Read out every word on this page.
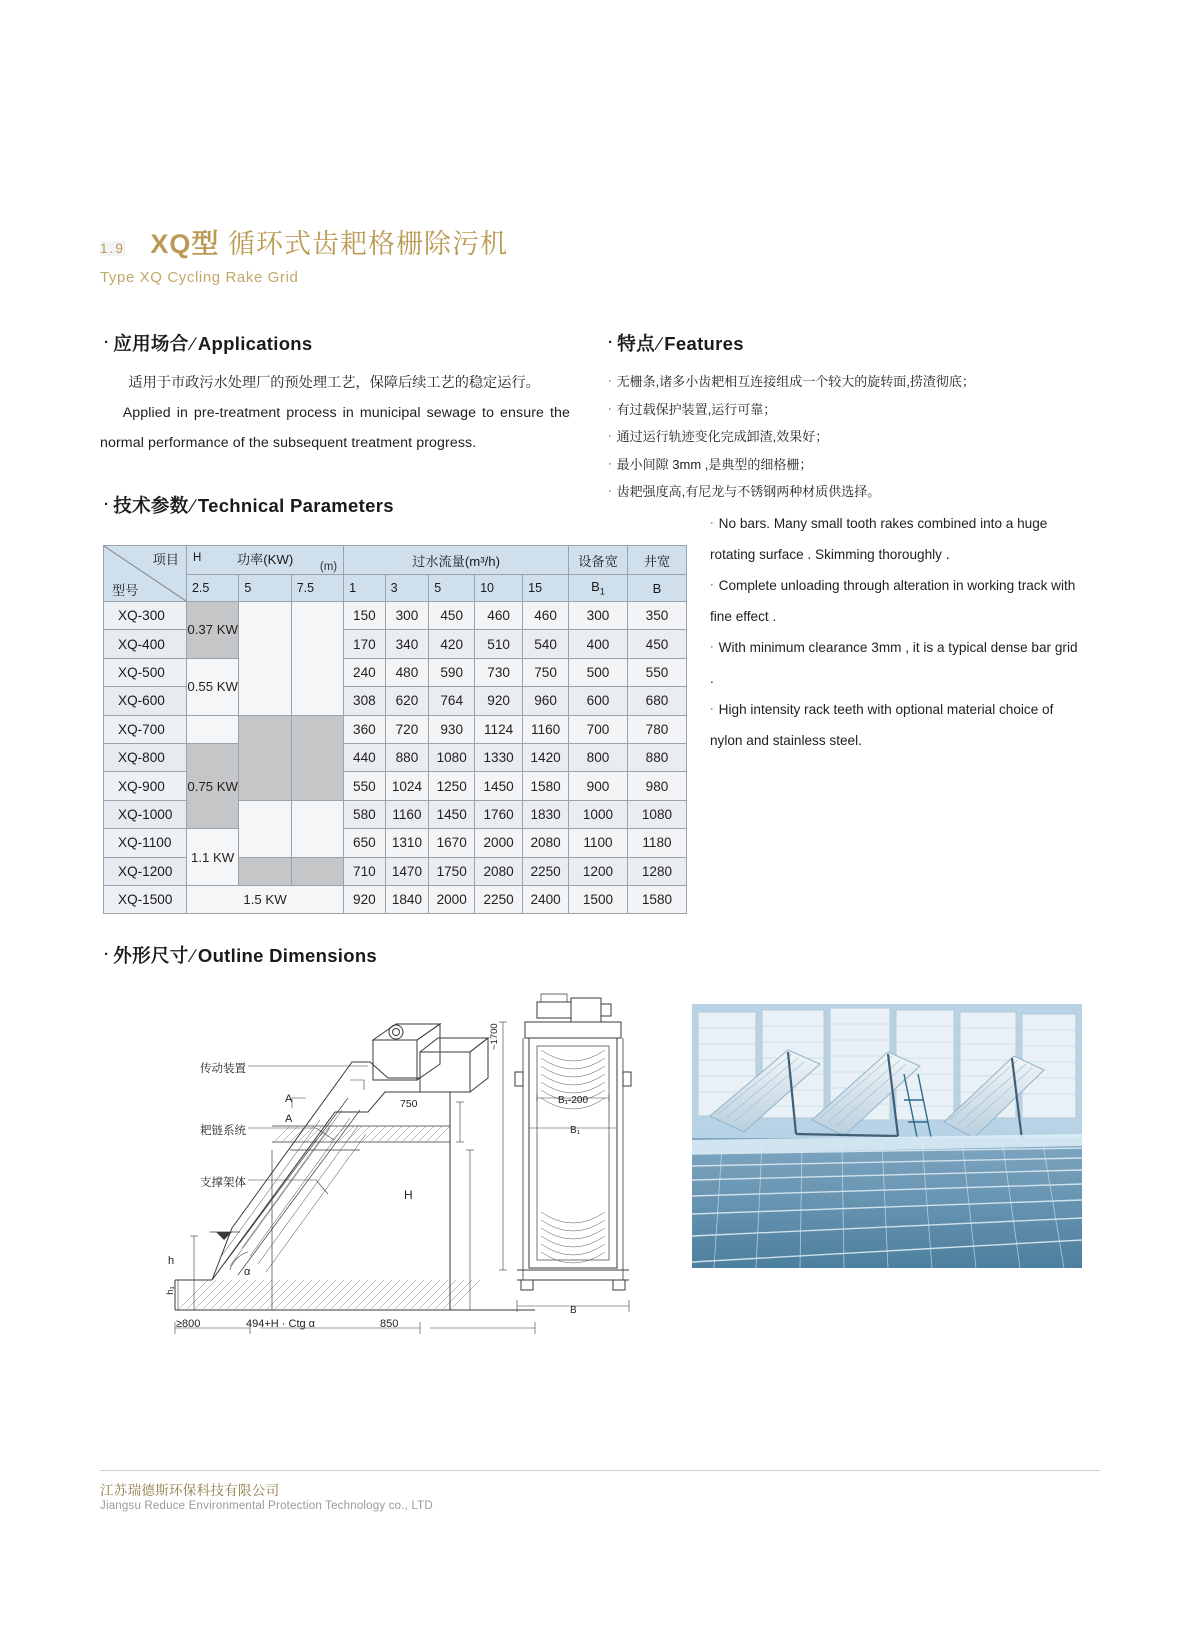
1.9 XQ型 循环式齿耙格栅除污机
Type XQ Cycling Rake Grid
· 应用场合 ∕ Applications
适用于市政污水处理厂的预处理工艺，保障后续工艺的稳定运行。
Applied in pre-treatment process in municipal sewage to ensure the normal performance of the subsequent treatment progress.
· 特点 ∕ Features
· 无栅条,诸多小齿耙相互连接组成一个较大的旋转面,捞渣彻底；
· 有过载保护装置,运行可靠；
· 通过运行轨迹变化完成卸渣,效果好；
· 最小间隙 3mm ,是典型的细格栅；
· 齿耙强度高,有尼龙与不锈钢两种材质供选择。

· No bars. Many small tooth rakes combined into a huge rotating surface . Skimming thoroughly .

· Complete unloading through alteration in working track with fine effect .

· With minimum clearance 3mm , it is a typical dense bar grid .

· High intensity rack teeth with optional material choice of nylon and stainless steel.

· 技术参数 ∕ Technical Parameters
项目
型号	H 功率(KW) (m)			过水流量(m³/h)					设备宽	井宽
	2.5	5	7.5	1	3	5	10	15	$B_1$	B
XQ-300	0.37 KW			150	300	450	460	460	300	350
XQ-400				170	340	420	510	540	400	450
XQ-500	0.55 KW			240	480	590	730	750	500	550
XQ-600				308	620	764	920	960	600	680
XQ-700				360	720	930	1124	1160	700	780
XQ-800	0.75 KW			440	880	1080	1330	1420	800	880
XQ-900				550	1024	1250	1450	1580	900	980
XQ-1000				580	1160	1450	1760	1830	1000	1080
XQ-1100	1.1 KW			650	1310	1670	2000	2080	1100	1180
XQ-1200				710	1470	1750	2080	2250	1200	1280
XQ-1500	1.5 KW			920	1840	2000	2250	2400	1500	1580
· 外形尺寸 ∕ Outline Dimensions
传动装置
耙链系统
支撑架体
750
H
h
h₁
α
A
A
≥800	494+H · Ctg α	850
~1700
B₁-200
B₁
B
江苏瑞德斯环保科技有限公司
Jiangsu Reduce Environmental Protection Technology co., LTD
